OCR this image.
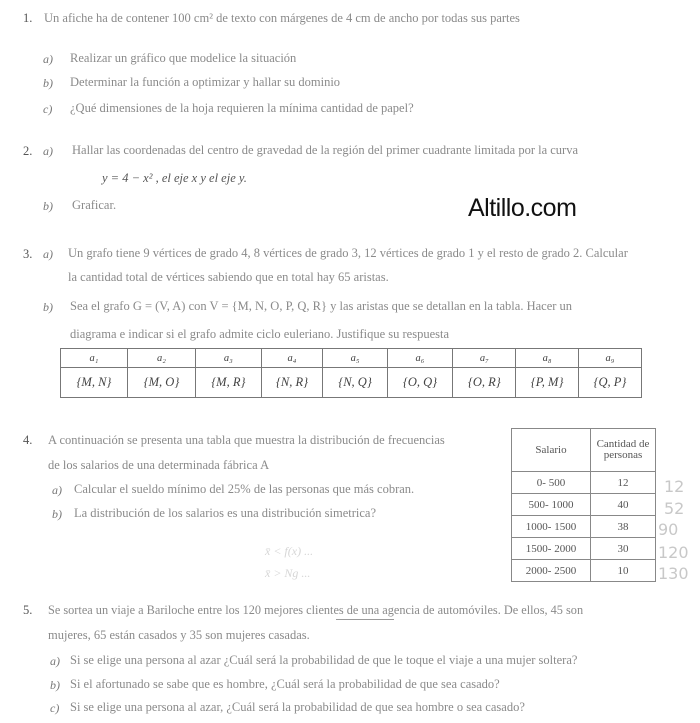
Altillo.com
1. Un afiche ha de contener 100 cm² de texto con márgenes de 4 cm de ancho por todas sus partes
a) Realizar un gráfico que modelice la situación
b) Determinar la función a optimizar y hallar su dominio
c) ¿Qué dimensiones de la hoja requieren la mínima cantidad de papel?
2. a) Hallar las coordenadas del centro de gravedad de la región del primer cuadrante limitada por la curva
y = 4 − x² , el eje x y el eje y.
b) Graficar.
3. a) Un grafo tiene 9 vértices de grado 4, 8 vértices de grado 3, 12 vértices de grado 1 y el resto de grado 2. Calcular
la cantidad total de vértices sabiendo que en total hay 65 aristas.
b) Sea el grafo G = (V, A) con V = {M, N, O, P, Q, R} y las aristas que se detallan en la tabla. Hacer un
diagrama e indicar si el grafo admite ciclo euleriano. Justifique su respuesta
a₁	a₂	a₃	a₄	a₅	a₆	a₇	a₈	a₉
{M, N}	{M, O}	{M, R}	{N, R}	{N, Q}	{O, Q}	{O, R}	{P, M}	{Q, P}
4. A continuación se presenta una tabla que muestra la distribución de frecuencias
de los salarios de una determinada fábrica A
a) Calcular el sueldo mínimo del 25% de las personas que más cobran.
b) La distribución de los salarios es una distribución simetrica?
x̄ < f(x) ...
x̄ > Ng ...
Salario	Cantidad de personas
0- 500	12
500- 1000	40
1000- 1500	38
1500- 2000	30
2000- 2500	10
12
52
90
120
130
5. Se sortea un viaje a Bariloche entre los 120 mejores clientes de una agencia de automóviles. De ellos, 45 son
mujeres, 65 están casados y 35 son mujeres casadas.
a) Si se elige una persona al azar ¿Cuál será la probabilidad de que le toque el viaje a una mujer soltera?
b) Si el afortunado se sabe que es hombre, ¿Cuál será la probabilidad de que sea casado?
c) Si se elige una persona al azar, ¿Cuál será la probabilidad de que sea hombre o sea casado?
